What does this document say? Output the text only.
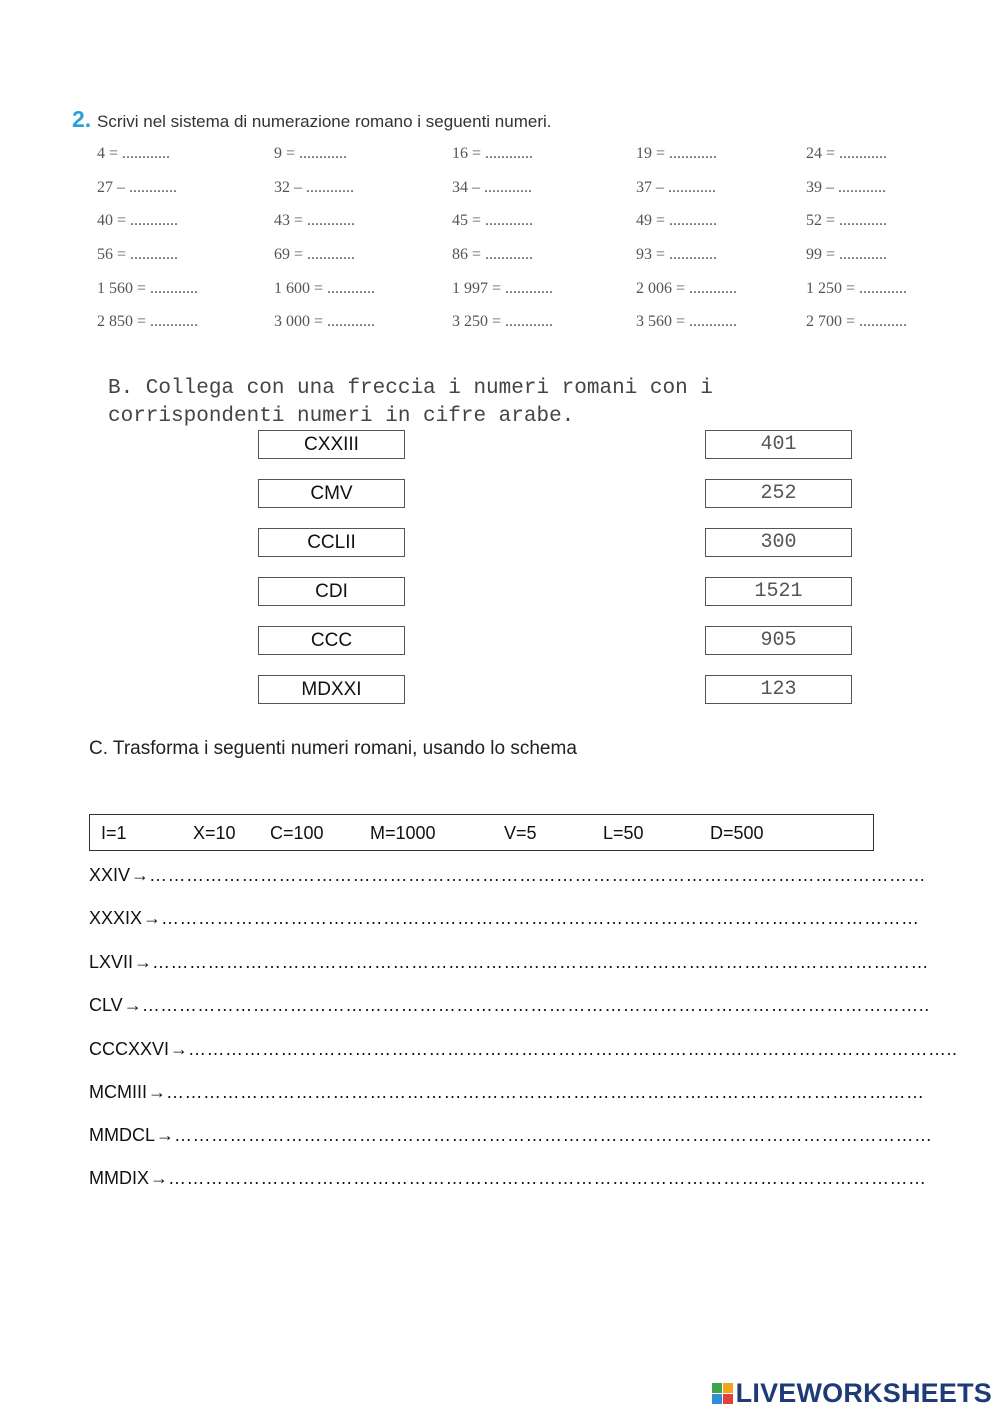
2. Scrivi nel sistema di numerazione romano i seguenti numeri.
4 = ............	9 = ............	16 = ............	19 = ............	24 = ............
27 – ............	32 – ............	34 – ............	37 – ............	39 – ............
40 = ............	43 = ............	45 = ............	49 = ............	52 = ............
56 = ............	69 = ............	86 = ............	93 = ............	99 = ............
1 560 = ............	1 600 = ............	1 997 = ............	2 006 = ............	1 250 = ............
2 850 = ............	3 000 = ............	3 250 = ............	3 560 = ............	2 700 = ............
B. Collega con una freccia i numeri romani con i
corrispondenti numeri in cifre arabe.
CXXIII
CMV
CCLII
CDI
CCC
MDXXI
401
252
300
1521
905
123
C. Trasforma i seguenti numeri romani, usando lo schema
I=1	X=10 C=100	M=1000	V=5	L=50	D=500
XXIV→………………………………………………………………………………………………………………
XXXIX→……………………………………………………………………………………………………………
LXVII→………………………………………………………………………………………………………………
CLV→………………………………………………………………………………………………………………..
CCCXXVI→……………………………………………………………………………………………………………..
MCMIII→……………………………………………………………………………………………………………
MMDCL→……………………………………………………………………………………………………………
MMDIX→……………………………………………………………………………………………………………
LIVEWORKSHEETS
